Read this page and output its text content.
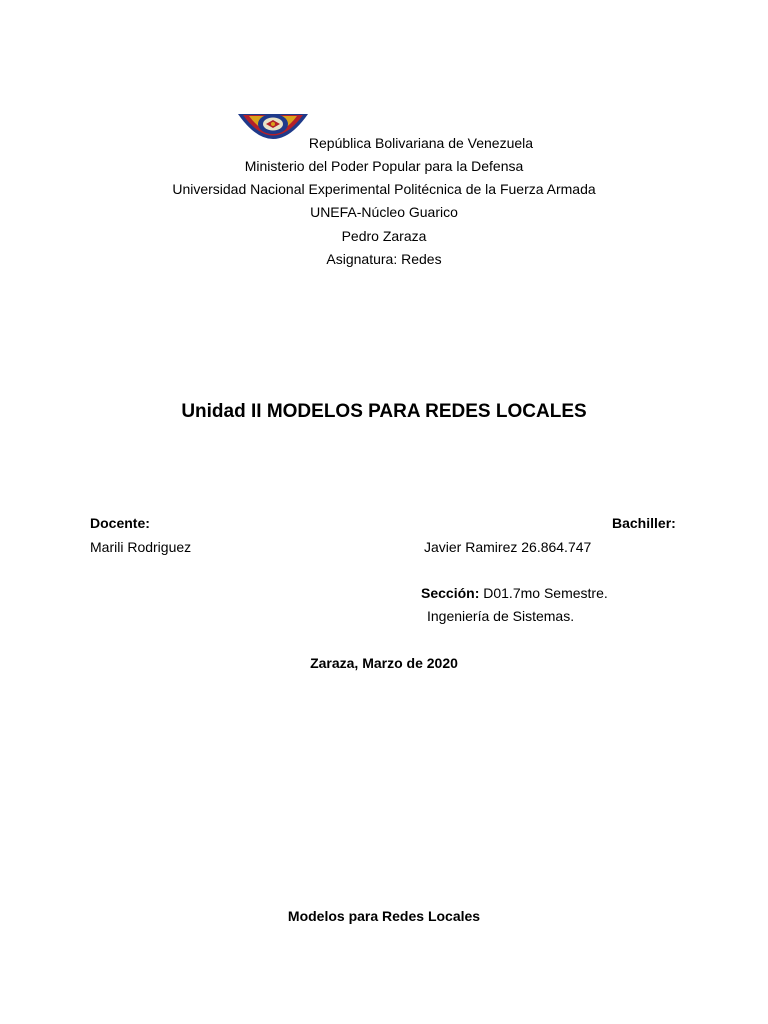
República Bolivariana de Venezuela
Ministerio del Poder Popular para la Defensa
Universidad Nacional Experimental Politécnica de la Fuerza Armada
UNEFA-Núcleo Guarico
Pedro Zaraza
Asignatura: Redes
Unidad II MODELOS PARA REDES LOCALES
Docente:
Marili Rodriguez
Bachiller:
Javier Ramirez 26.864.747
Sección: D01.7mo Semestre.
Ingeniería de Sistemas.
Zaraza, Marzo de 2020
Modelos para Redes Locales
